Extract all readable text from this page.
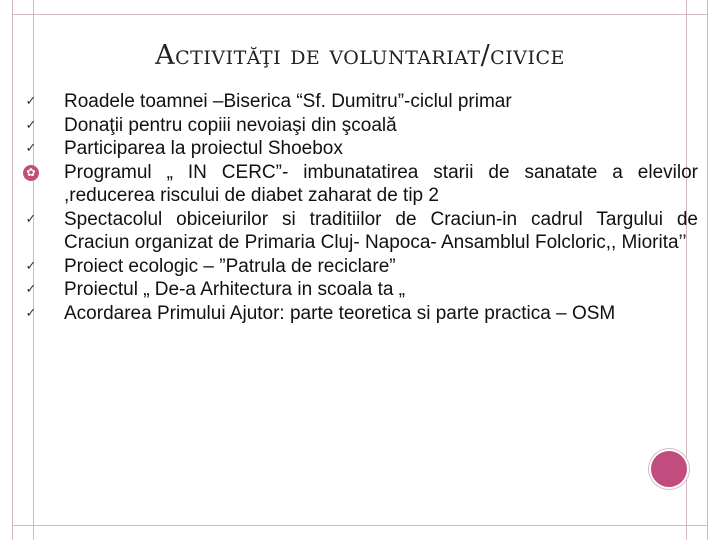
Activităţi de voluntariat/civice
✓ Roadele toamnei –Biserica “Sf. Dumitru”-ciclul primar
✓ Donaţii pentru copiii nevoiaşi din şcoală
✓ Participarea la proiectul Shoebox
✿ Programul „ IN CERC”- imbunatatirea starii de sanatate a elevilor ,reducerea riscului de diabet zaharat de tip 2
✓ Spectacolul obiceiurilor si traditiilor de Craciun-in cadrul Targului de Craciun organizat de Primaria Cluj- Napoca- Ansamblul Folcloric,, Miorita’’
✓ Proiect ecologic – ”Patrula de reciclare”
✓ Proiectul „ De-a Arhitectura in scoala ta „
✓ Acordarea Primului Ajutor: parte teoretica si parte practica – OSM
